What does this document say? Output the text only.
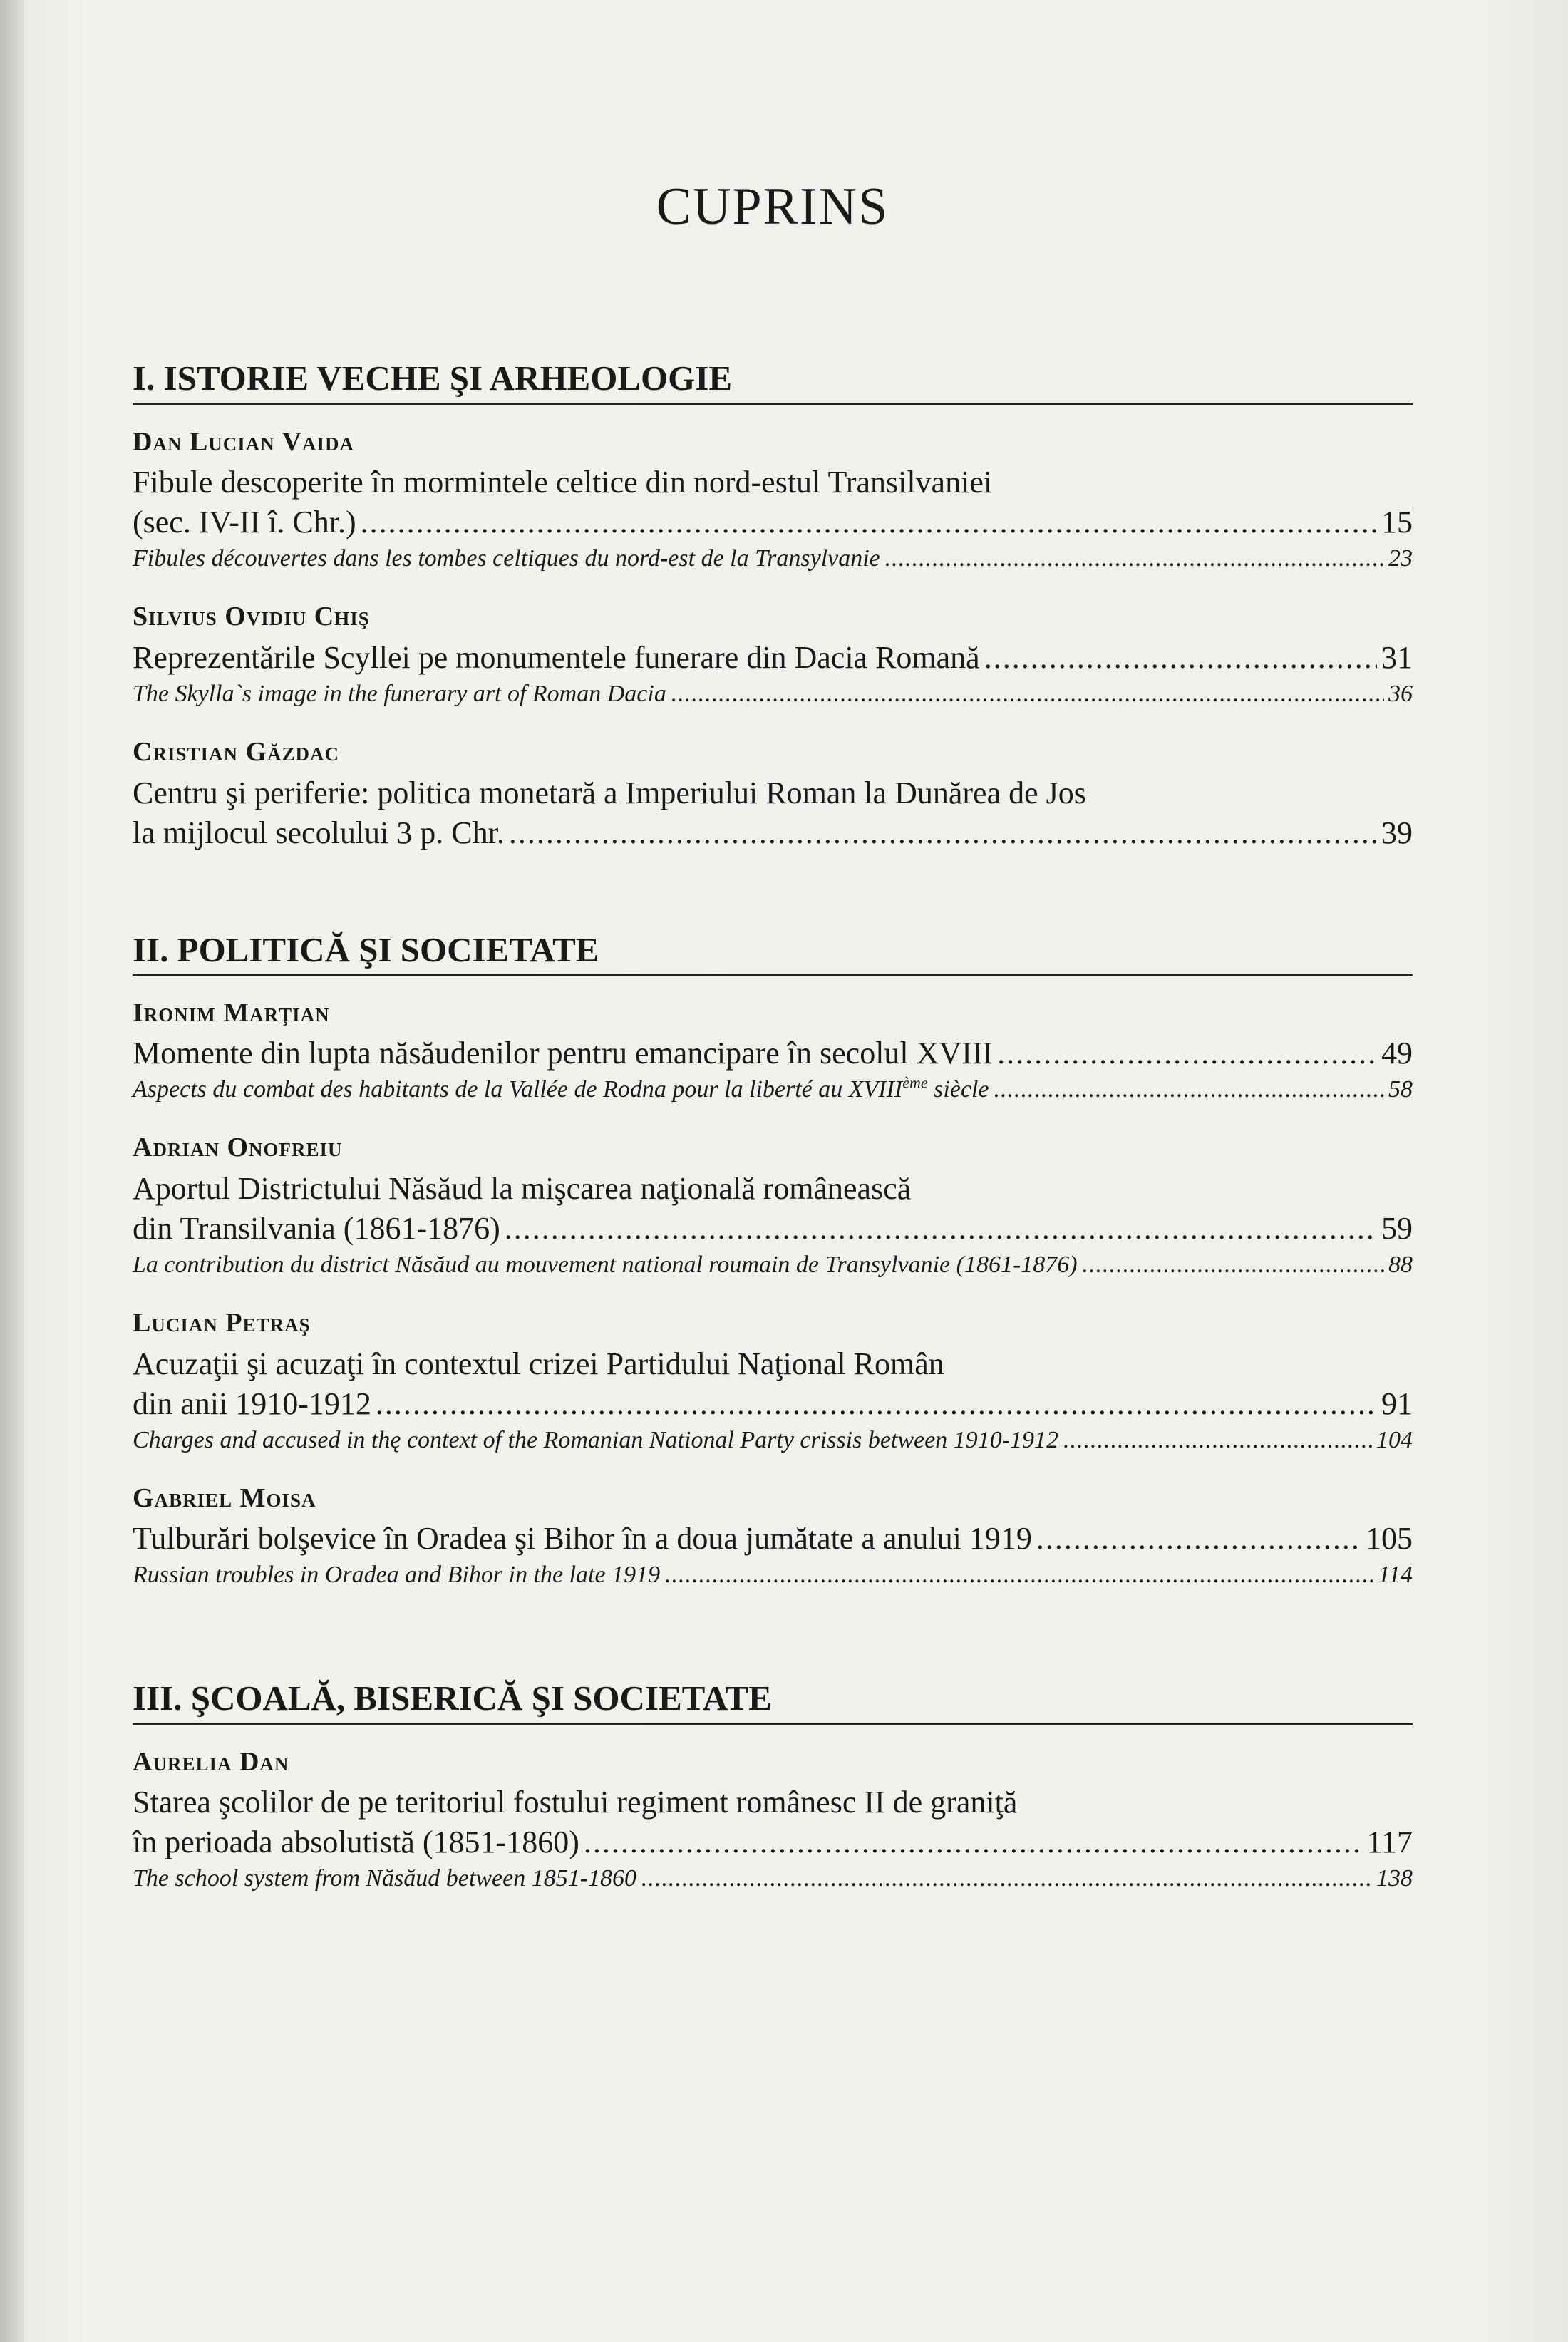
CUPRINS
I. ISTORIE VECHE ŞI ARHEOLOGIE
Dan Lucian Vaida
Fibule descoperite în mormintele celtice din nord-estul Transilvaniei
(sec. IV-II î. Chr.) .....	15
Fibules découvertes dans les tombes celtiques du nord-est de la Transylvanie .....	23
Silvius Ovidiu Chiş
Reprezentările Scyllei pe monumentele funerare din Dacia Romană .....	31
The Skylla`s image in the funerary art of Roman Dacia .....	36
Cristian Găzdac
Centru şi periferie: politica monetară a Imperiului Roman la Dunărea de Jos
la mijlocul secolului 3 p. Chr. .....	39
II. POLITICĂ ŞI SOCIETATE
Ironim Marţian
Momente din lupta năsăudenilor pentru emancipare în secolul XVIII .....	49
Aspects du combat des habitants de la Vallée de Rodna pour la liberté au XVIIIème siècle .....	58
Adrian Onofreiu
Aportul Districtului Năsăud la mişcarea naţională românească
din Transilvania (1861-1876) .....	59
La contribution du district Năsăud au mouvement national roumain de Transylvanie (1861-1876) .....	88
Lucian Petraş
Acuzaţii şi acuzaţi în contextul crizei Partidului Naţional Român
din anii 1910-1912 .....	91
Charges and accused in thę context of the Romanian National Party crissis between 1910-1912 .....	104
Gabriel Moisa
Tulburări bolşevice în Oradea şi Bihor în a doua jumătate a anului 1919 .....	105
Russian troubles in Oradea and Bihor in the late 1919 .....	114
III. ŞCOALĂ, BISERICĂ ŞI SOCIETATE
Aurelia Dan
Starea şcolilor de pe teritoriul fostului regiment românesc II de graniţă
în perioada absolutistă (1851-1860) .....	117
The school system from Năsăud between 1851-1860 .....	138
